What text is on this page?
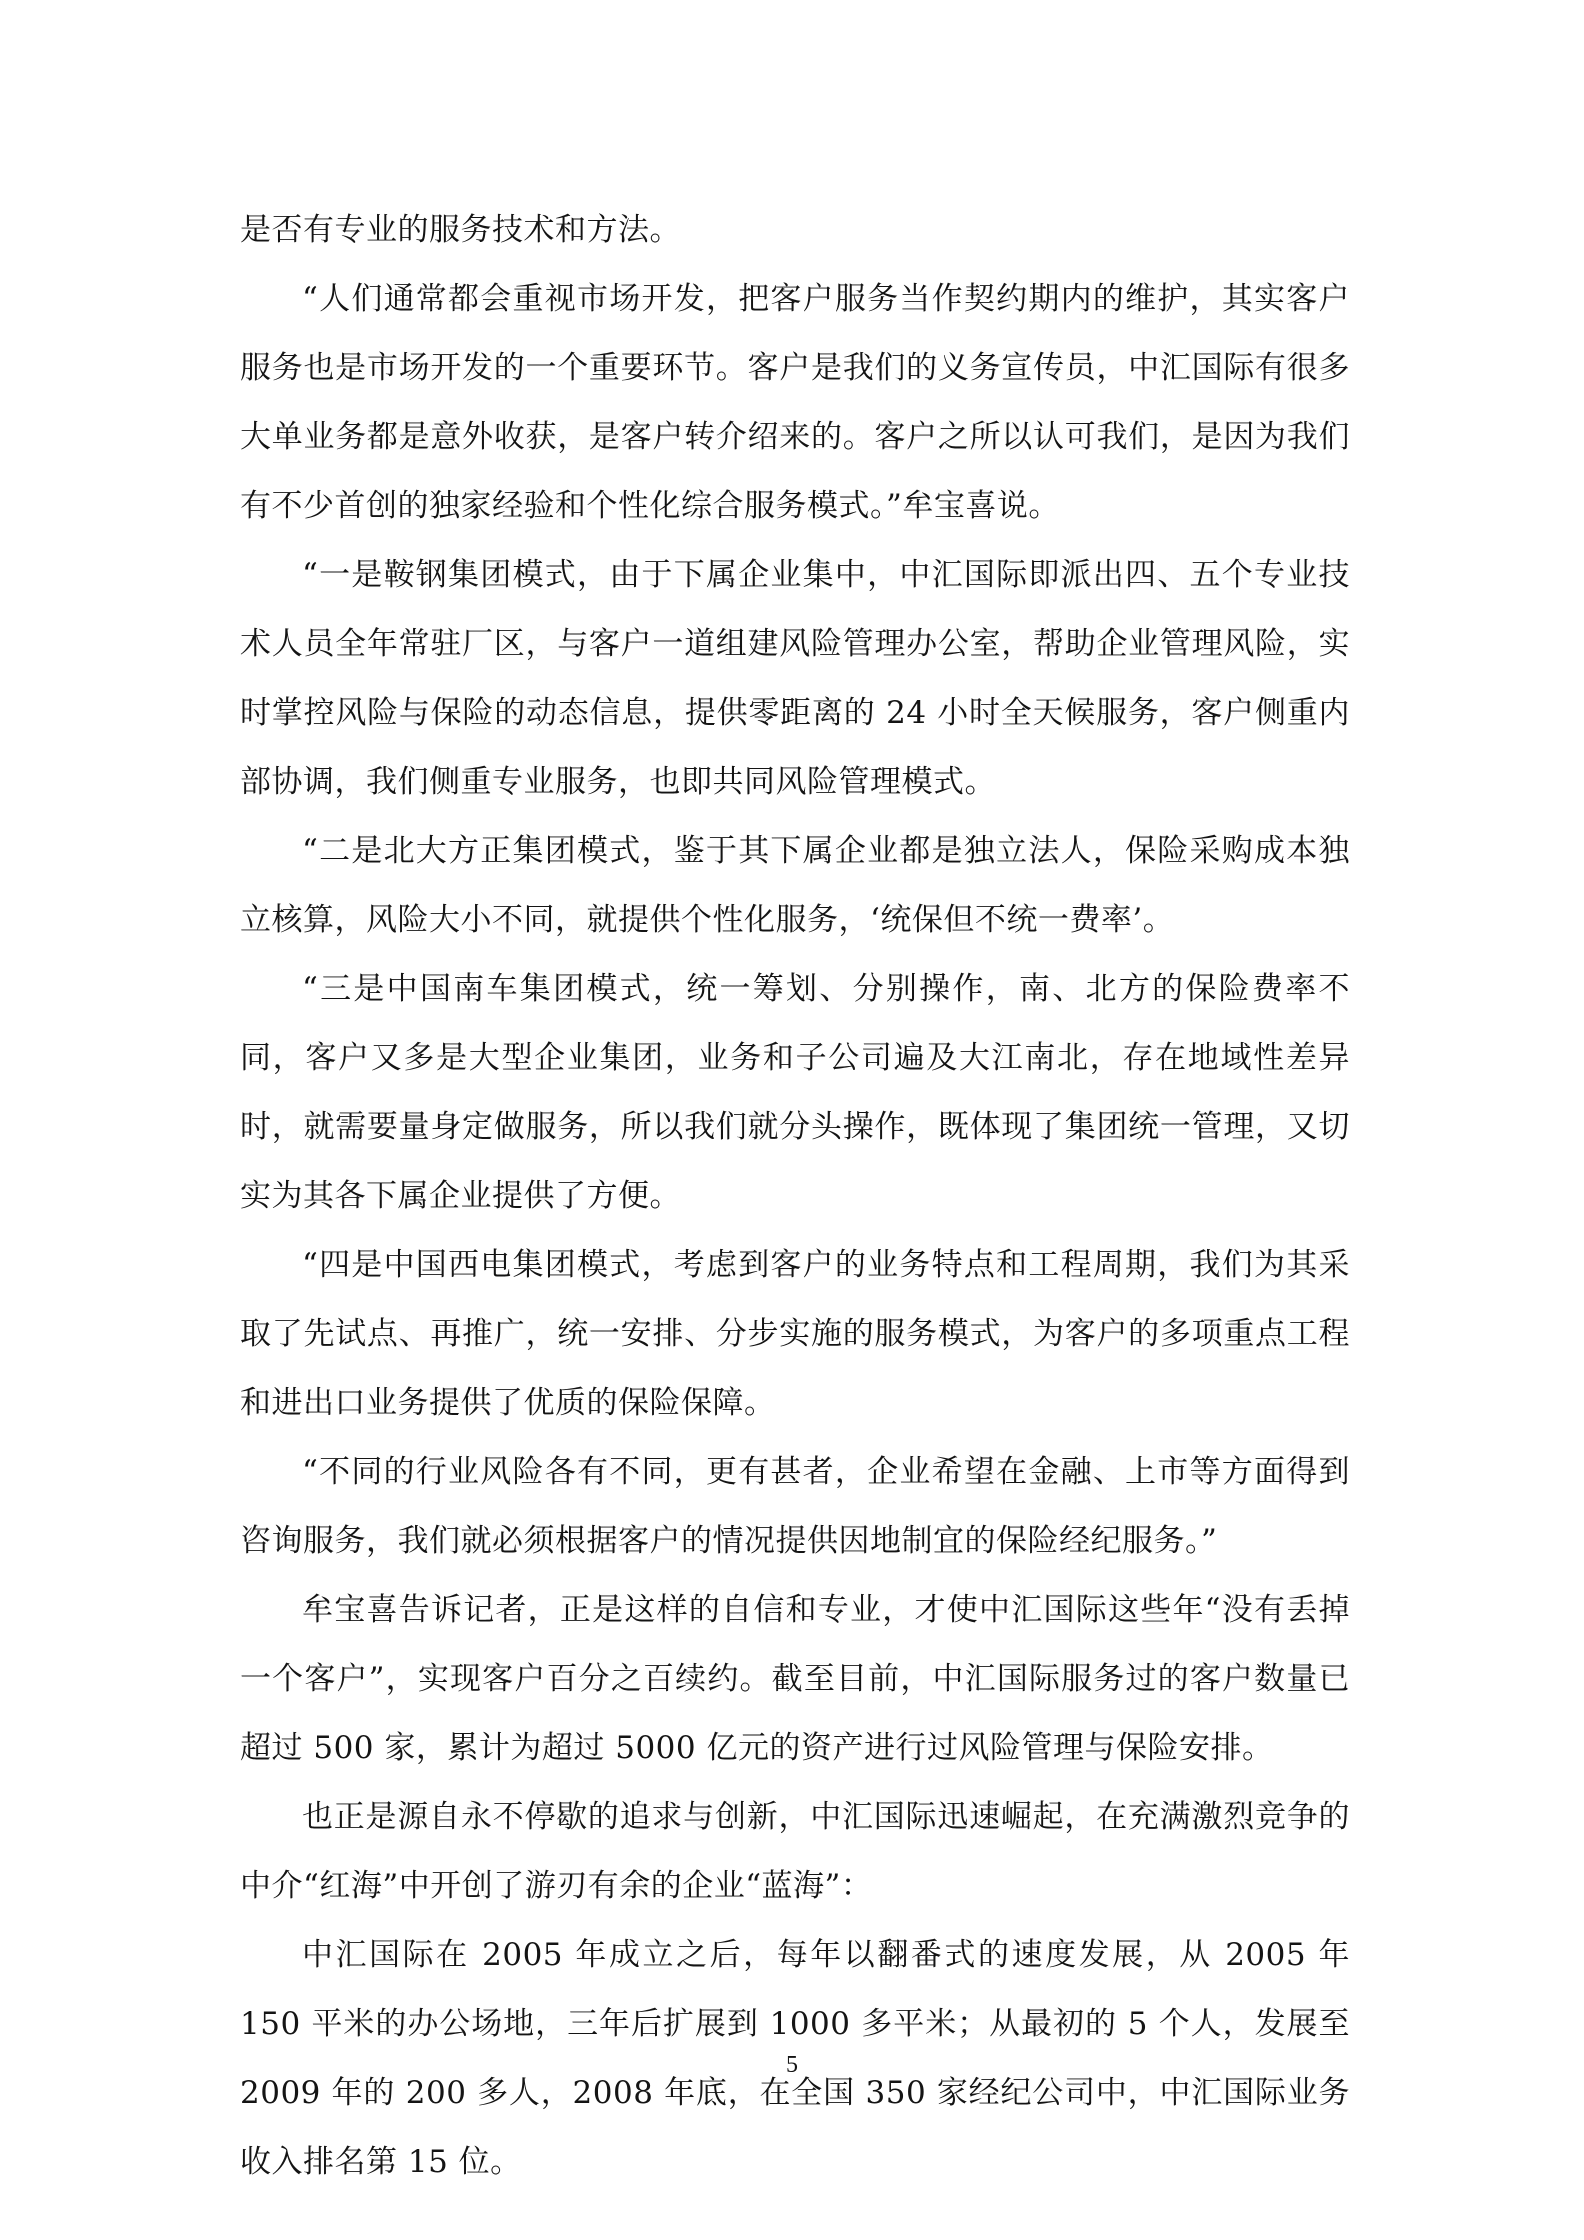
是否有专业的服务技术和方法。

“人们通常都会重视市场开发，把客户服务当作契约期内的维护，其实客户服务也是市场开发的一个重要环节。客户是我们的义务宣传员，中汇国际有很多大单业务都是意外收获，是客户转介绍来的。客户之所以认可我们，是因为我们有不少首创的独家经验和个性化综合服务模式。”牟宝喜说。

“一是鞍钢集团模式，由于下属企业集中，中汇国际即派出四、五个专业技术人员全年常驻厂区，与客户一道组建风险管理办公室，帮助企业管理风险，实时掌控风险与保险的动态信息，提供零距离的 24 小时全天候服务，客户侧重内部协调，我们侧重专业服务，也即共同风险管理模式。

“二是北大方正集团模式，鉴于其下属企业都是独立法人，保险采购成本独立核算，风险大小不同，就提供个性化服务，‘统保但不统一费率’。

“三是中国南车集团模式，统一筹划、分别操作，南、北方的保险费率不同，客户又多是大型企业集团，业务和子公司遍及大江南北，存在地域性差异时，就需要量身定做服务，所以我们就分头操作，既体现了集团统一管理，又切实为其各下属企业提供了方便。

“四是中国西电集团模式，考虑到客户的业务特点和工程周期，我们为其采取了先试点、再推广，统一安排、分步实施的服务模式，为客户的多项重点工程和进出口业务提供了优质的保险保障。

“不同的行业风险各有不同，更有甚者，企业希望在金融、上市等方面得到咨询服务，我们就必须根据客户的情况提供因地制宜的保险经纪服务。”

牟宝喜告诉记者，正是这样的自信和专业，才使中汇国际这些年“没有丢掉一个客户”，实现客户百分之百续约。截至目前，中汇国际服务过的客户数量已超过 500 家，累计为超过 5000 亿元的资产进行过风险管理与保险安排。

也正是源自永不停歇的追求与创新，中汇国际迅速崛起，在充满激烈竞争的中介“红海”中开创了游刃有余的企业“蓝海”：

中汇国际在 2005 年成立之后，每年以翻番式的速度发展，从 2005 年 150 平米的办公场地，三年后扩展到 1000 多平米；从最初的 5 个人，发展至 2009 年的 200 多人，2008 年底，在全国 350 家经纪公司中，中汇国际业务收入排名第 15 位。

5
